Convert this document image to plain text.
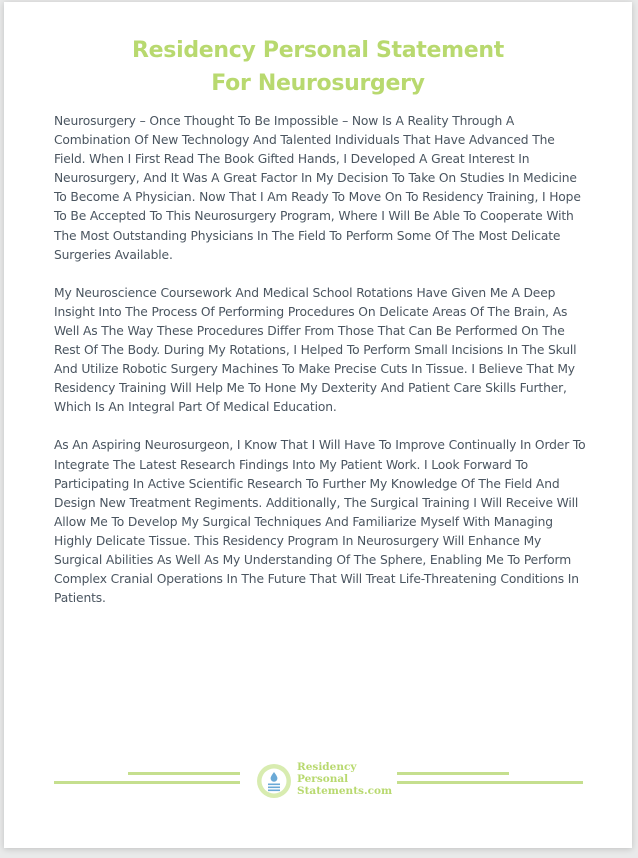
Residency Personal Statement
For Neurosurgery

Neurosurgery – Once Thought To Be Impossible – Now Is A Reality Through A Combination Of New Technology And Talented Individuals That Have Advanced The Field. When I First Read The Book Gifted Hands, I Developed A Great Interest In Neurosurgery, And It Was A Great Factor In My Decision To Take On Studies In Medicine To Become A Physician. Now That I Am Ready To Move On To Residency Training, I Hope To Be Accepted To This Neurosurgery Program, Where I Will Be Able To Cooperate With The Most Outstanding Physicians In The Field To Perform Some Of The Most Delicate Surgeries Available.

My Neuroscience Coursework And Medical School Rotations Have Given Me A Deep Insight Into The Process Of Performing Procedures On Delicate Areas Of The Brain, As Well As The Way These Procedures Differ From Those That Can Be Performed On The Rest Of The Body. During My Rotations, I Helped To Perform Small Incisions In The Skull And Utilize Robotic Surgery Machines To Make Precise Cuts In Tissue. I Believe That My Residency Training Will Help Me To Hone My Dexterity And Patient Care Skills Further, Which Is An Integral Part Of Medical Education.

As An Aspiring Neurosurgeon, I Know That I Will Have To Improve Continually In Order To Integrate The Latest Research Findings Into My Patient Work. I Look Forward To Participating In Active Scientific Research To Further My Knowledge Of The Field And Design New Treatment Regiments. Additionally, The Surgical Training I Will Receive Will Allow Me To Develop My Surgical Techniques And Familiarize Myself With Managing Highly Delicate Tissue. This Residency Program In Neurosurgery Will Enhance My Surgical Abilities As Well As My Understanding Of The Sphere, Enabling Me To Perform Complex Cranial Operations In The Future That Will Treat Life-Threatening Conditions In Patients.

Residency
Personal
Statements.com
